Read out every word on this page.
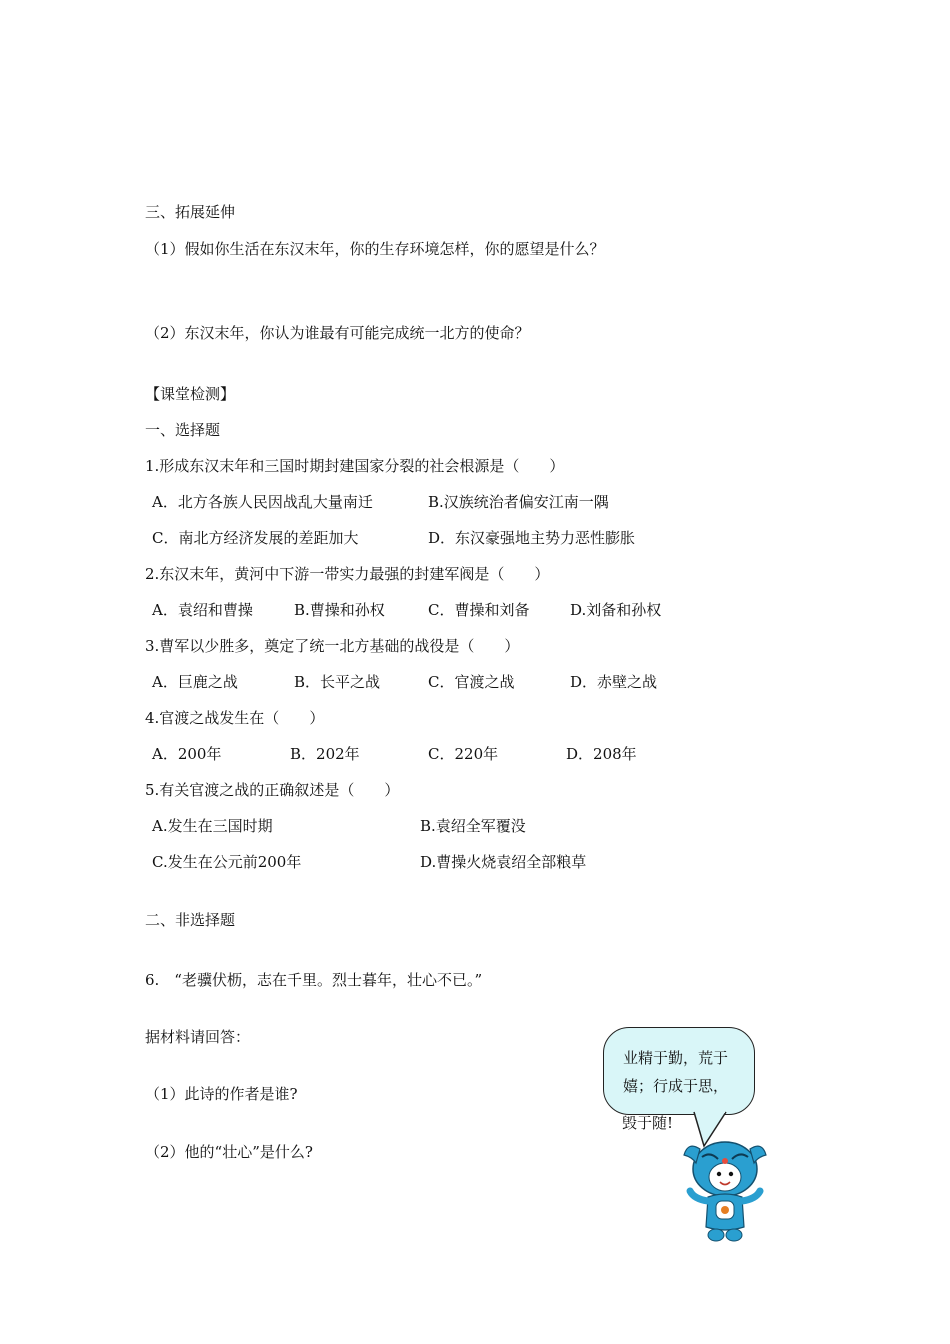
三、拓展延伸
（1）假如你生活在东汉末年，你的生存环境怎样，你的愿望是什么？
（2）东汉末年，你认为谁最有可能完成统一北方的使命？
【课堂检测】
一、选择题
1.形成东汉末年和三国时期封建国家分裂的社会根源是（　　）
A．北方各族人民因战乱大量南迁	B.汉族统治者偏安江南一隅
C．南北方经济发展的差距加大	D．东汉豪强地主势力恶性膨胀
2.东汉末年，黄河中下游一带实力最强的封建军阀是（　　）
A．袁绍和曹操	B.曹操和孙权	C．曹操和刘备	D.刘备和孙权
3.曹军以少胜多，奠定了统一北方基础的战役是（　　）
A．巨鹿之战	B．长平之战	C．官渡之战	D．赤壁之战
4.官渡之战发生在（　　）
A．200年	B．202年	C．220年	D．208年
5.有关官渡之战的正确叙述是（　　）
A.发生在三国时期	B.袁绍全军覆没
C.发生在公元前200年	D.曹操火烧袁绍全部粮草
二、非选择题
6.　“老骥伏枥，志在千里。烈士暮年，壮心不已。”
据材料请回答：
（1）此诗的作者是谁?
（2）他的“壮心”是什么?
业精于勤，荒于
嬉；行成于思，
毁于随!
